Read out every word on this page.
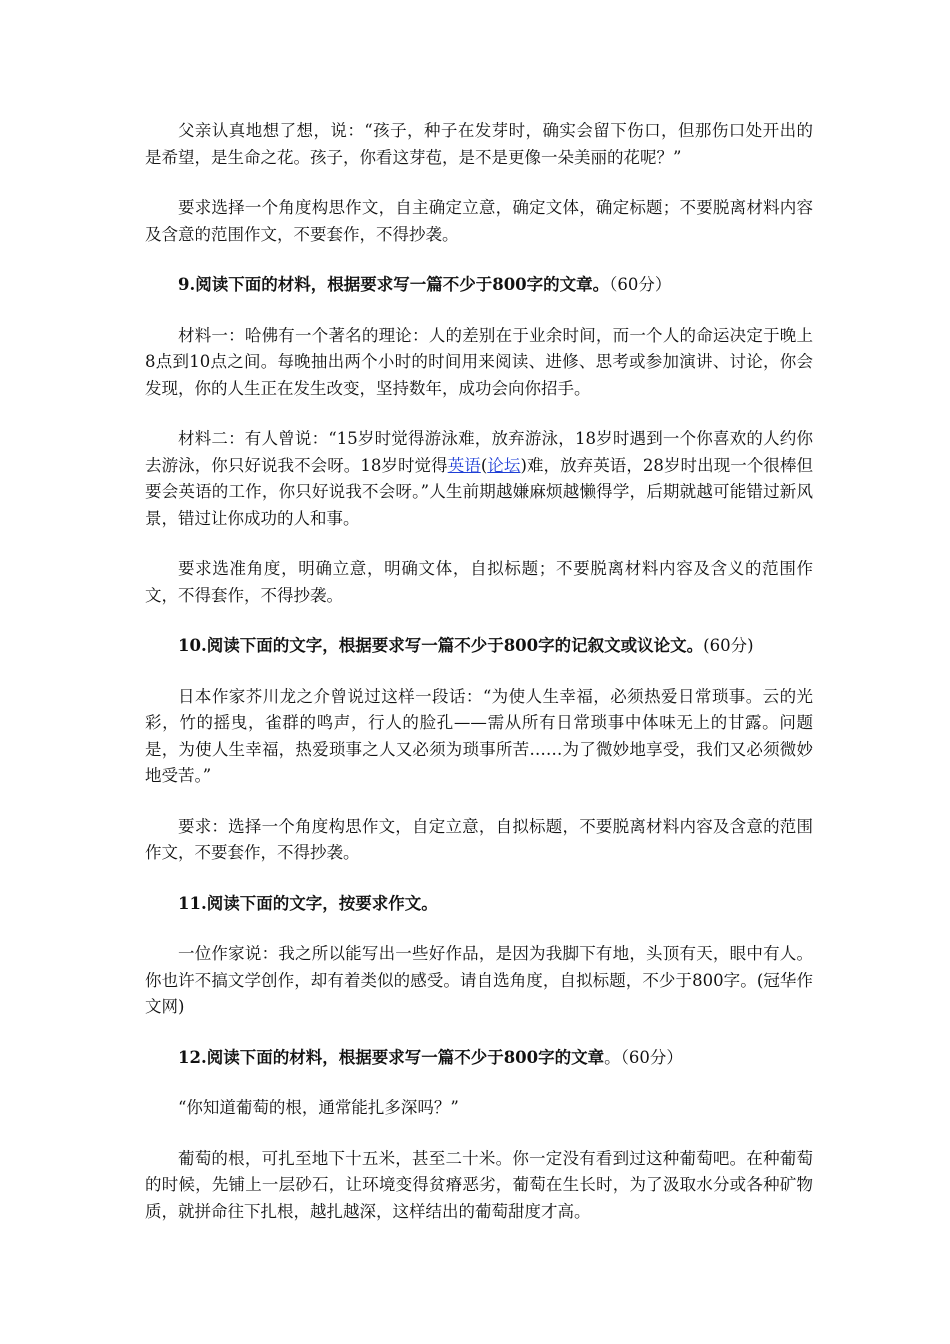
父亲认真地想了想，说：“孩子，种子在发芽时，确实会留下伤口，但那伤口处开出的是希望，是生命之花。孩子，你看这芽苞，是不是更像一朵美丽的花呢？”

要求选择一个角度构思作文，自主确定立意，确定文体，确定标题；不要脱离材料内容及含意的范围作文，不要套作，不得抄袭。

9.阅读下面的材料，根据要求写一篇不少于800字的文章。（60分）

材料一：哈佛有一个著名的理论：人的差别在于业余时间，而一个人的命运决定于晚上8点到10点之间。每晚抽出两个小时的时间用来阅读、进修、思考或参加演讲、讨论，你会发现，你的人生正在发生改变，坚持数年，成功会向你招手。

材料二：有人曾说：“15岁时觉得游泳难，放弃游泳，18岁时遇到一个你喜欢的人约你去游泳，你只好说我不会呀。18岁时觉得英语(论坛)难，放弃英语，28岁时出现一个很棒但要会英语的工作，你只好说我不会呀。”人生前期越嫌麻烦越懒得学，后期就越可能错过新风景，错过让你成功的人和事。

要求选准角度，明确立意，明确文体，自拟标题；不要脱离材料内容及含义的范围作文，不得套作，不得抄袭。

10.阅读下面的文字，根据要求写一篇不少于800字的记叙文或议论文。(60分)

日本作家芥川龙之介曾说过这样一段话：“为使人生幸福，必须热爱日常琐事。云的光彩，竹的摇曳，雀群的鸣声，行人的脸孔——需从所有日常琐事中体味无上的甘露。问题是，为使人生幸福，热爱琐事之人又必须为琐事所苦……为了微妙地享受，我们又必须微妙地受苦。”

要求：选择一个角度构思作文，自定立意，自拟标题，不要脱离材料内容及含意的范围作文，不要套作，不得抄袭。

11.阅读下面的文字，按要求作文。

一位作家说：我之所以能写出一些好作品，是因为我脚下有地，头顶有天，眼中有人。你也许不搞文学创作，却有着类似的感受。请自选角度，自拟标题，不少于800字。(冠华作文网)

12.阅读下面的材料，根据要求写一篇不少于800字的文章。（60分）

“你知道葡萄的根，通常能扎多深吗？”

葡萄的根，可扎至地下十五米，甚至二十米。你一定没有看到过这种葡萄吧。在种葡萄的时候，先铺上一层砂石，让环境变得贫瘠恶劣，葡萄在生长时，为了汲取水分或各种矿物质，就拼命往下扎根，越扎越深，这样结出的葡萄甜度才高。
